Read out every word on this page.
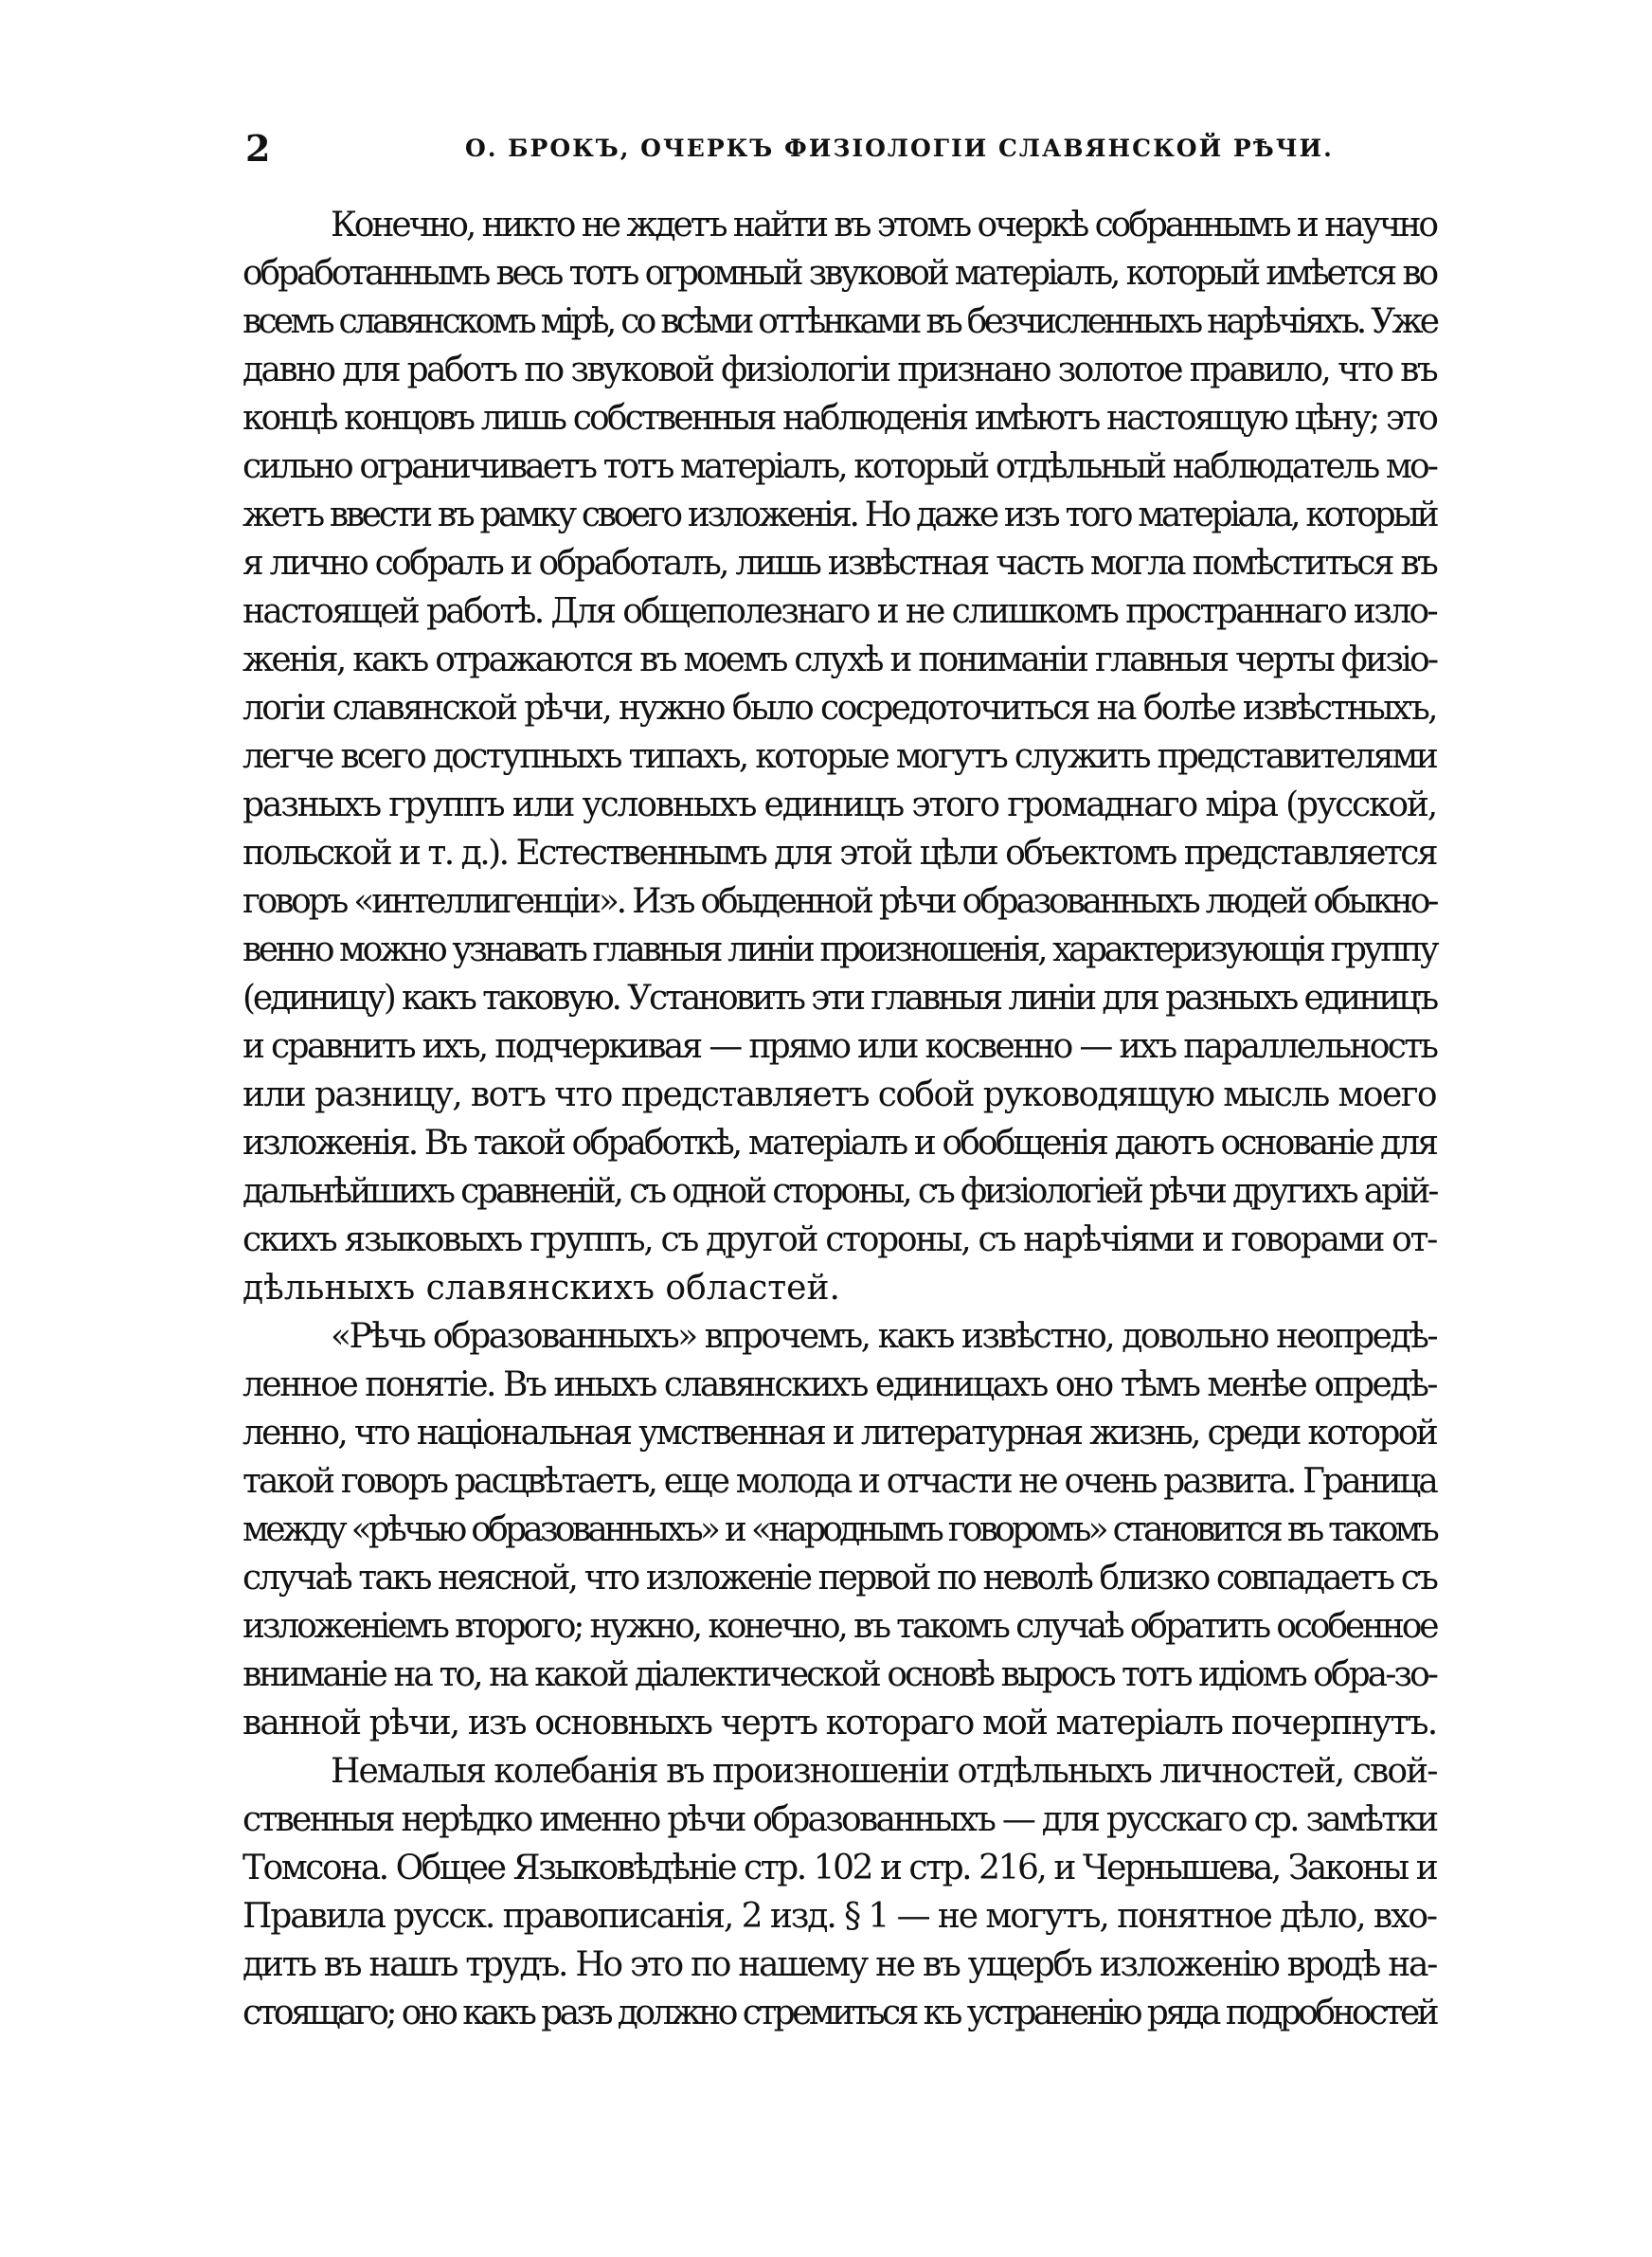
2	О. БРОКЪ, ОЧЕРКЪ ФИЗІОЛОГІИ СЛАВЯНСКОЙ РѢЧИ.
Конечно, никто не ждетъ найти въ этомъ очеркѣ собраннымъ и научно
обработаннымъ весь тотъ огромный звуковой матеріалъ, который имѣется во
всемъ славянскомъ мірѣ, со всѣми оттѣнками въ безчисленныхъ нарѣчіяхъ. Уже
давно для работъ по звуковой физіологіи признано золотое правило, что въ
концѣ концовъ лишь собственныя наблюденія имѣютъ настоящую цѣну; это
сильно ограничиваетъ тотъ матеріалъ, который отдѣльный наблюдатель мо-
жетъ ввести въ рамку своего изложенія. Но даже изъ того матеріала, который
я лично собралъ и обработалъ, лишь извѣстная часть могла помѣститься въ
настоящей работѣ. Для общеполезнаго и не слишкомъ пространнаго изло-
женія, какъ отражаются въ моемъ слухѣ и пониманіи главныя черты физіо-
логіи славянской рѣчи, нужно было сосредоточиться на болѣе извѣстныхъ,
легче всего доступныхъ типахъ, которые могутъ служить представителями
разныхъ группъ или условныхъ единицъ этого громаднаго міра (русской,
польской и т. д.). Естественнымъ для этой цѣли объектомъ представляется
говоръ «интеллигенціи». Изъ обыденной рѣчи образованныхъ людей обыкно-
венно можно узнавать главныя линіи произношенія, характеризующія группу
(единицу) какъ таковую. Установить эти главныя линіи для разныхъ единицъ
и сравнить ихъ, подчеркивая — прямо или косвенно — ихъ параллельность
или разницу, вотъ что представляетъ собой руководящую мысль моего
изложенія. Въ такой обработкѣ, матеріалъ и обобщенія даютъ основаніе для
дальнѣйшихъ сравненій, съ одной стороны, съ физіологіей рѣчи другихъ арій-
скихъ языковыхъ группъ, съ другой стороны, съ нарѣчіями и говорами от-
дѣльныхъ славянскихъ областей.
«Рѣчь образованныхъ» впрочемъ, какъ извѣстно, довольно неопредѣ-
ленное понятіе. Въ иныхъ славянскихъ единицахъ оно тѣмъ менѣе опредѣ-
ленно, что національная умственная и литературная жизнь, среди которой
такой говоръ расцвѣтаетъ, еще молода и отчасти не очень развита. Граница
между «рѣчью образованныхъ» и «народнымъ говоромъ» становится въ такомъ
случаѣ такъ неясной, что изложеніе первой по неволѣ близко совпадаетъ съ
изложеніемъ второго; нужно, конечно, въ такомъ случаѣ обратить особенное
вниманіе на то, на какой діалектической основѣ выросъ тотъ идіомъ обра-зо-
ванной рѣчи, изъ основныхъ чертъ котораго мой матеріалъ почерпнутъ.
Немалыя колебанія въ произношеніи отдѣльныхъ личностей, свой-
ственныя нерѣдко именно рѣчи образованныхъ — для русскаго ср. замѣтки
Томсона. Общее Языковѣдѣніе стр. 102 и стр. 216, и Чернышева, Законы и
Правила русск. правописанія, 2 изд. § 1 — не могутъ, понятное дѣло, вхо-
дить въ нашъ трудъ. Но это по нашему не въ ущербъ изложенію вродѣ на-
стоящаго; оно какъ разъ должно стремиться къ устраненію ряда подробностей
